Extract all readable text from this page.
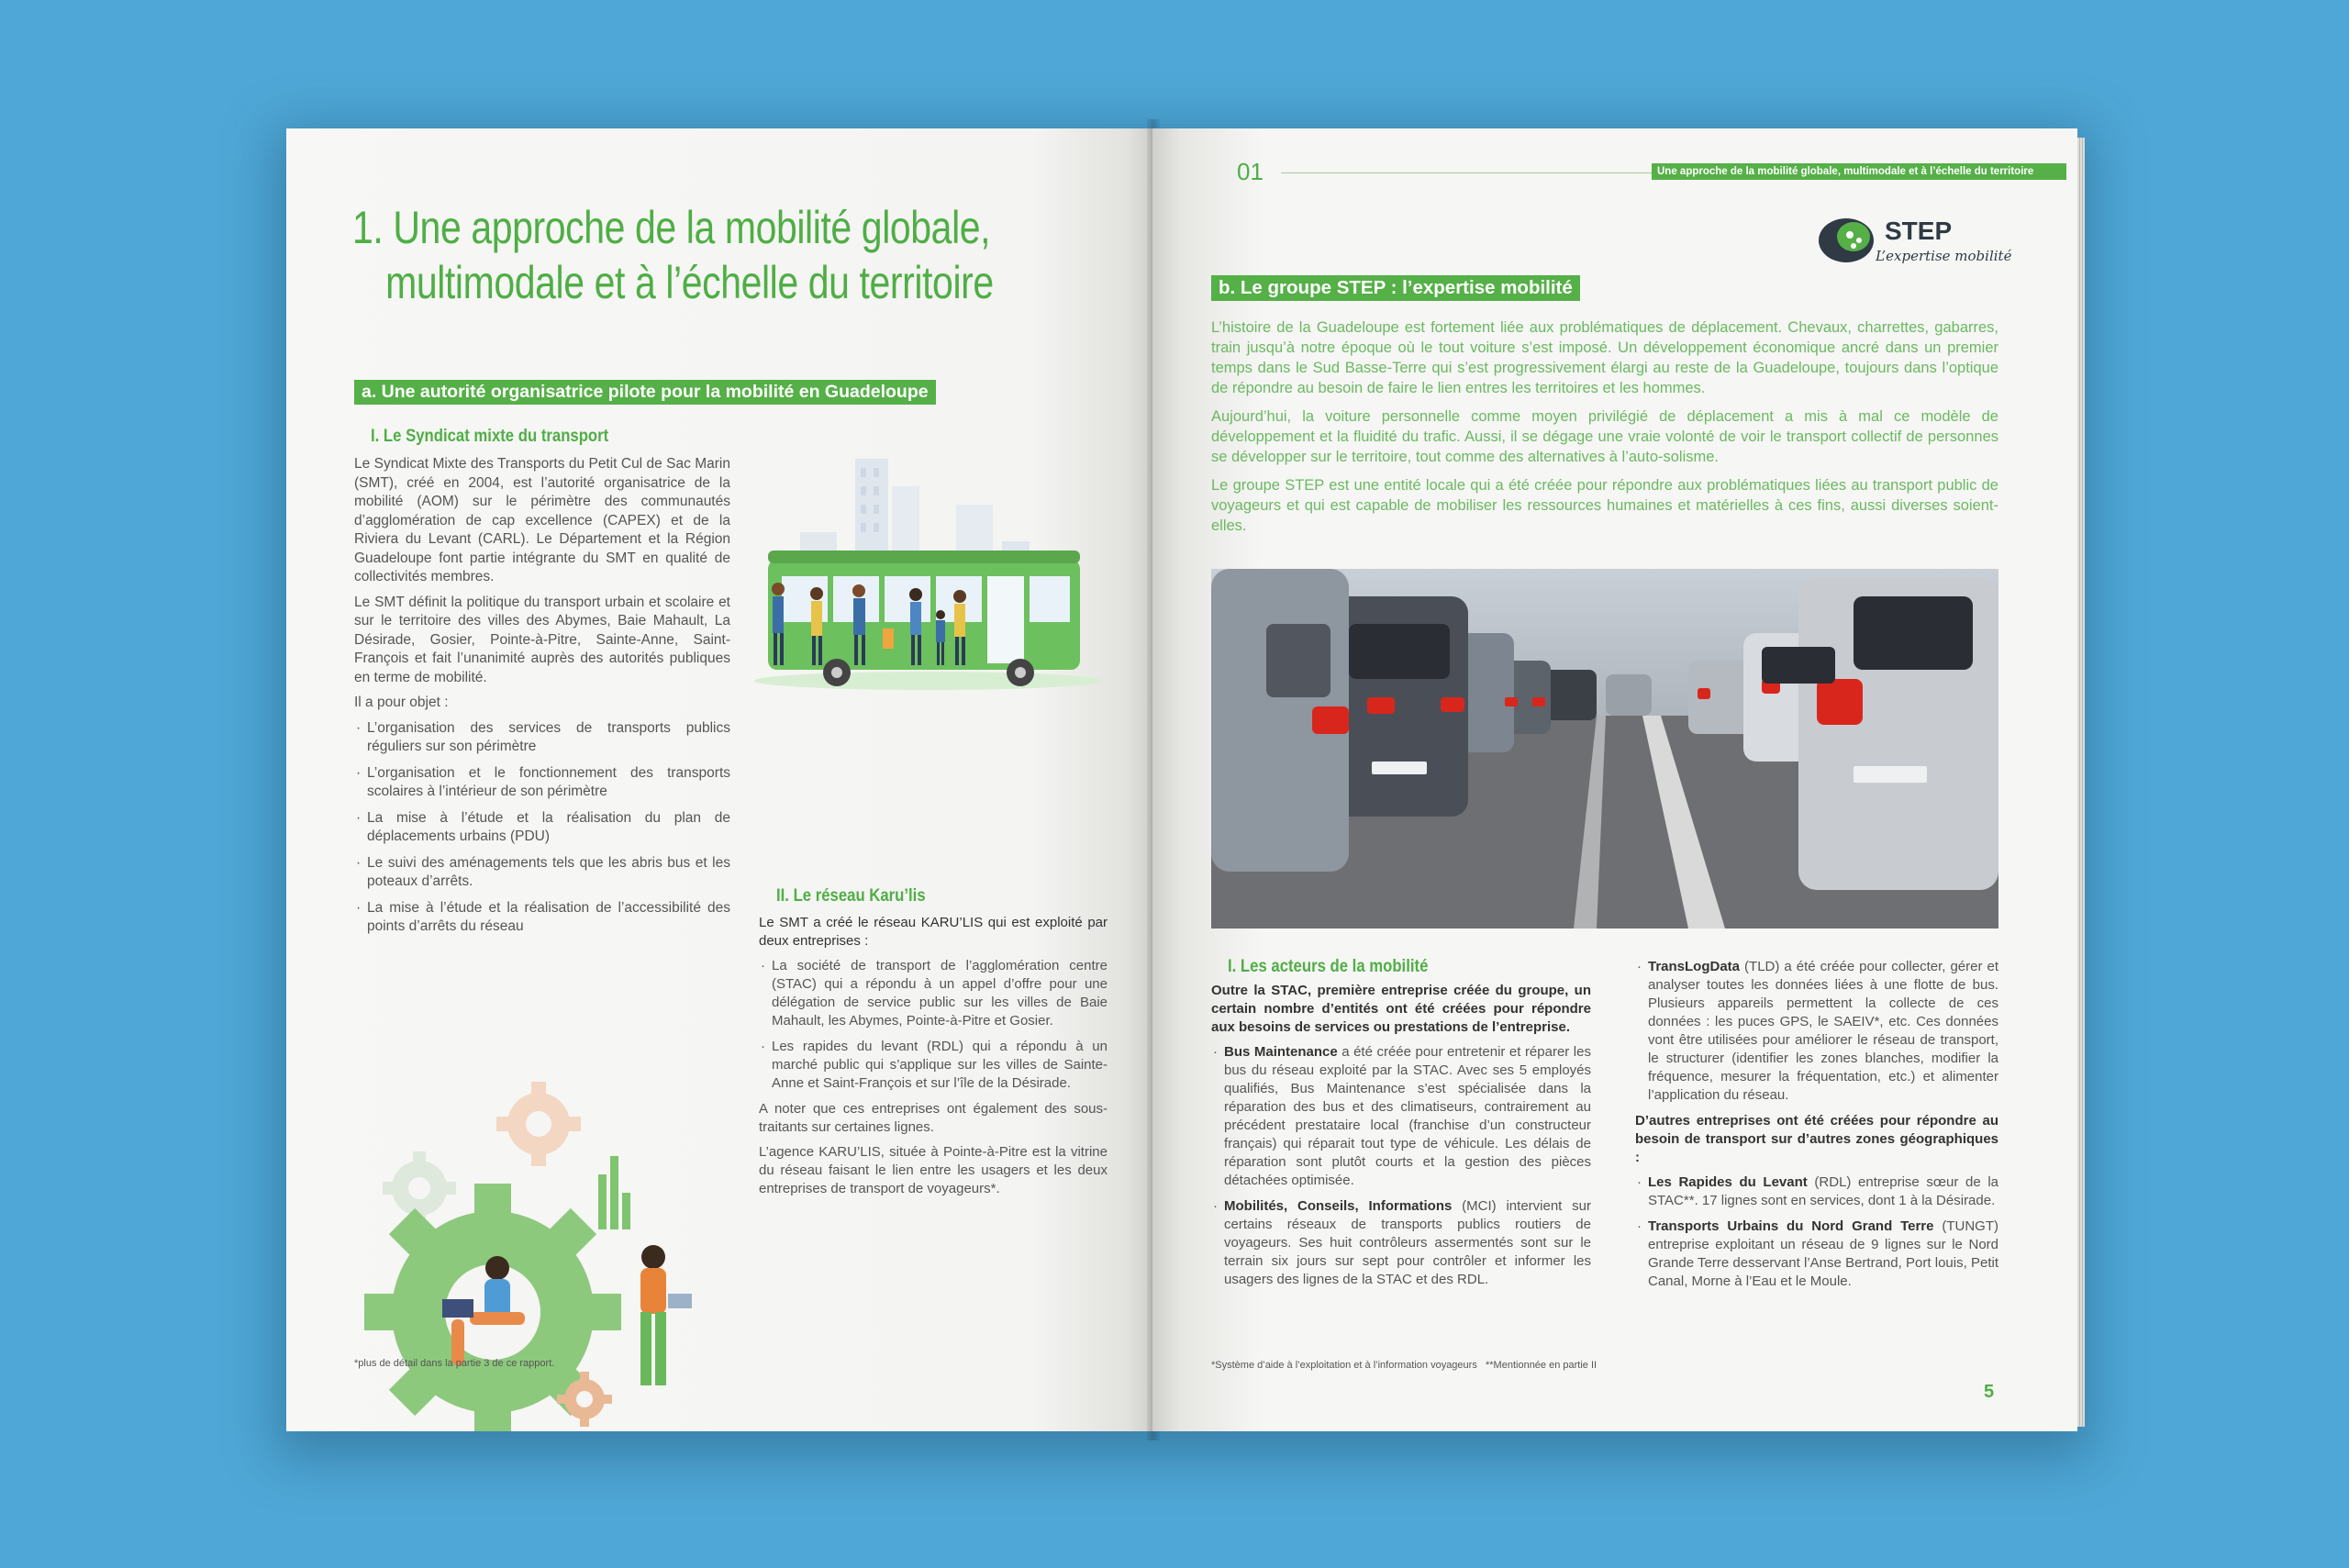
1. Une approche de la mobilité globale,
multimodale et à l’échelle du territoire
a. Une autorité organisatrice pilote pour la mobilité en Guadeloupe
I. Le Syndicat mixte du transport

Le Syndicat Mixte des Transports du Petit Cul de Sac Marin (SMT), créé en 2004, est l’autorité organisatrice de la mobilité (AOM) sur le périmètre des communautés d’agglomération de cap excellence (CAPEX) et de la Riviera du Levant (CARL). Le Département et la Région Guadeloupe font partie intégrante du SMT en qualité de collectivités membres.

Le SMT définit la politique du transport urbain et scolaire et sur le territoire des villes des Abymes, Baie Mahault, La Désirade, Gosier, Pointe-à-Pitre, Sainte-Anne, Saint-François et fait l’unanimité auprès des autorités publiques en terme de mobilité.

Il a pour objet :

· L’organisation des services de transports publics réguliers sur son périmètre
· L’organisation et le fonctionnement des transports scolaires à l’intérieur de son périmètre
· La mise à l’étude et la réalisation du plan de déplacements urbains (PDU)
· Le suivi des aménagements tels que les abris bus et les poteaux d’arrêts.
· La mise à l’étude et la réalisation de l’accessibilité des points d’arrêts du réseau
II. Le réseau Karu’lis

Le SMT a créé le réseau KARU’LIS qui est exploité par deux entreprises :

· La société de transport de l’agglomération centre (STAC) qui a répondu à un appel d’offre pour une délégation de service public sur les villes de Baie Mahault, les Abymes, Pointe-à-Pitre et Gosier.
· Les rapides du levant (RDL) qui a répondu à un marché public qui s’applique sur les villes de Sainte-Anne et Saint-François et sur l’île de la Désirade.

A noter que ces entreprises ont également des sous-traitants sur certaines lignes.

L’agence KARU’LIS, située à Pointe-à-Pitre est la vitrine du réseau faisant le lien entre les usagers et les deux entreprises de transport de voyageurs*.

*plus de détail dans la partie 3 de ce rapport.
01	Une approche de la mobilité globale, multimodale et à l’échelle du territoire
STEP
L’expertise mobilité
b. Le groupe STEP : l’expertise mobilité

L’histoire de la Guadeloupe est fortement liée aux problématiques de déplacement. Chevaux, charrettes, gabarres, train jusqu’à notre époque où le tout voiture s’est imposé. Un développement économique ancré dans un premier temps dans le Sud Basse-Terre qui s’est progressivement élargi au reste de la Guadeloupe, toujours dans l’optique de répondre au besoin de faire le lien entres les territoires et les hommes.

Aujourd’hui, la voiture personnelle comme moyen privilégié de déplacement a mis à mal ce modèle de développement et la fluidité du trafic. Aussi, il se dégage une vraie volonté de voir le transport collectif de personnes se développer sur le territoire, tout comme des alternatives à l’auto-solisme.

Le groupe STEP est une entité locale qui a été créée pour répondre aux problématiques liées au transport public de voyageurs et qui est capable de mobiliser les ressources humaines et matérielles à ces fins, aussi diverses soient-elles.

I. Les acteurs de la mobilité

Outre la STAC, première entreprise créée du groupe, un certain nombre d’entités ont été créées pour répondre aux besoins de services ou prestations de l’entreprise.

· Bus Maintenance a été créée pour entretenir et réparer les bus du réseau exploité par la STAC. Avec ses 5 employés qualifiés, Bus Maintenance s’est spécialisée dans la réparation des bus et des climatiseurs, contrairement au précédent prestataire local (franchise d’un constructeur français) qui réparait tout type de véhicule. Les délais de réparation sont plutôt courts et la gestion des pièces détachées optimisée.
· Mobilités, Conseils, Informations (MCI) intervient sur certains réseaux de transports publics routiers de voyageurs. Ses huit contrôleurs assermentés sont sur le terrain six jours sur sept pour contrôler et informer les usagers des lignes de la STAC et des RDL.
· TransLogData (TLD) a été créée pour collecter, gérer et analyser toutes les données liées à une flotte de bus. Plusieurs appareils permettent la collecte de ces données : les puces GPS, le SAEIV*, etc. Ces données vont être utilisées pour améliorer le réseau de transport, le structurer (identifier les zones blanches, modifier la fréquence, mesurer la fréquentation, etc.) et alimenter l’application du réseau.

D’autres entreprises ont été créées pour répondre au besoin de transport sur d’autres zones géographiques :

· Les Rapides du Levant (RDL) entreprise sœur de la STAC**. 17 lignes sont en services, dont 1 à la Désirade.
· Transports Urbains du Nord Grand Terre (TUNGT) entreprise exploitant un réseau de 9 lignes sur le Nord Grande Terre desservant l’Anse Bertrand, Port louis, Petit Canal, Morne à l’Eau et le Moule.
*Système d’aide à l’exploitation et à l’information voyageurs   **Mentionnée en partie II
5
